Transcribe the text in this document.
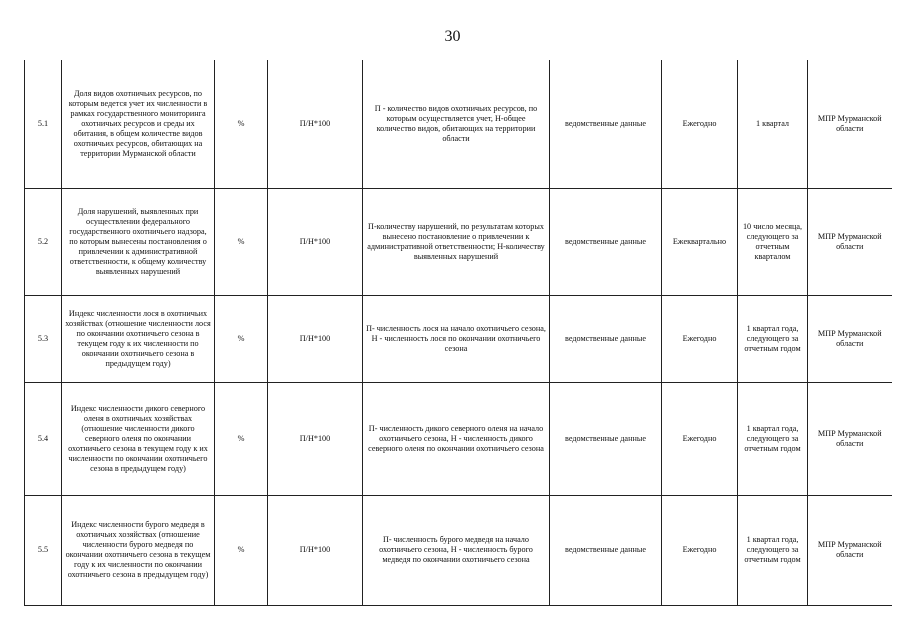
30
5.1	Доля видов охотничьих ресурсов, по которым ведется учет их численности в рамках государственного мониторинга охотничьих ресурсов и среды их обитания, в общем количестве видов охотничьих ресурсов, обитающих на территории Мурманской области	%	П/Н*100	П - количество видов охотничьих ресурсов, по которым осуществляется учет, Н-общее количество видов, обитающих на территории области	ведомственные данные	Ежегодно	1 квартал	МПР Мурманской области
5.2	Доля нарушений, выявленных при осуществлении федерального государственного охотничьего надзора, по которым вынесены постановления о привлечении к административной ответственности, к общему количеству выявленных нарушений	%	П/Н*100	П-количеству нарушений, по результатам которых вынесено постановление о привлечении к административной ответственности; Н-количеству выявленных нарушений	ведомственные данные	Ежеквартально	10 число месяца, следующего за отчетным кварталом	МПР Мурманской области
5.3	Индекс численности лося в охотничьих хозяйствах (отношение численности лося по окончании охотничьего сезона в текущем году к их численности по окончании охотничьего сезона в предыдущем году)	%	П/Н*100	П- численность лося на начало охотничьего сезона, Н - численность лося по окончании охотничьего сезона	ведомственные данные	Ежегодно	1 квартал года, следующего за отчетным годом	МПР Мурманской области
5.4	Индекс численности дикого северного оленя в охотничьих хозяйствах (отношение численности дикого северного оленя по окончании охотничьего сезона в текущем году к их численности по окончании охотничьего сезона в предыдущем году)	%	П/Н*100	П- численность дикого северного оленя на начало охотничьего сезона, Н - численность дикого северного оленя по окончании охотничьего сезона	ведомственные данные	Ежегодно	1 квартал года, следующего за отчетным годом	МПР Мурманской области
5.5	Индекс численности бурого медведя в охотничьих хозяйствах (отношение численности бурого медведя по окончании охотничьего сезона в текущем году к их численности по окончании охотничьего сезона в предыдущем году)	%	П/Н*100	П- численность бурого медведя на начало охотничьего сезона, Н - численность бурого медведя по окончании охотничьего сезона	ведомственные данные	Ежегодно	1 квартал года, следующего за отчетным годом	МПР Мурманской области
